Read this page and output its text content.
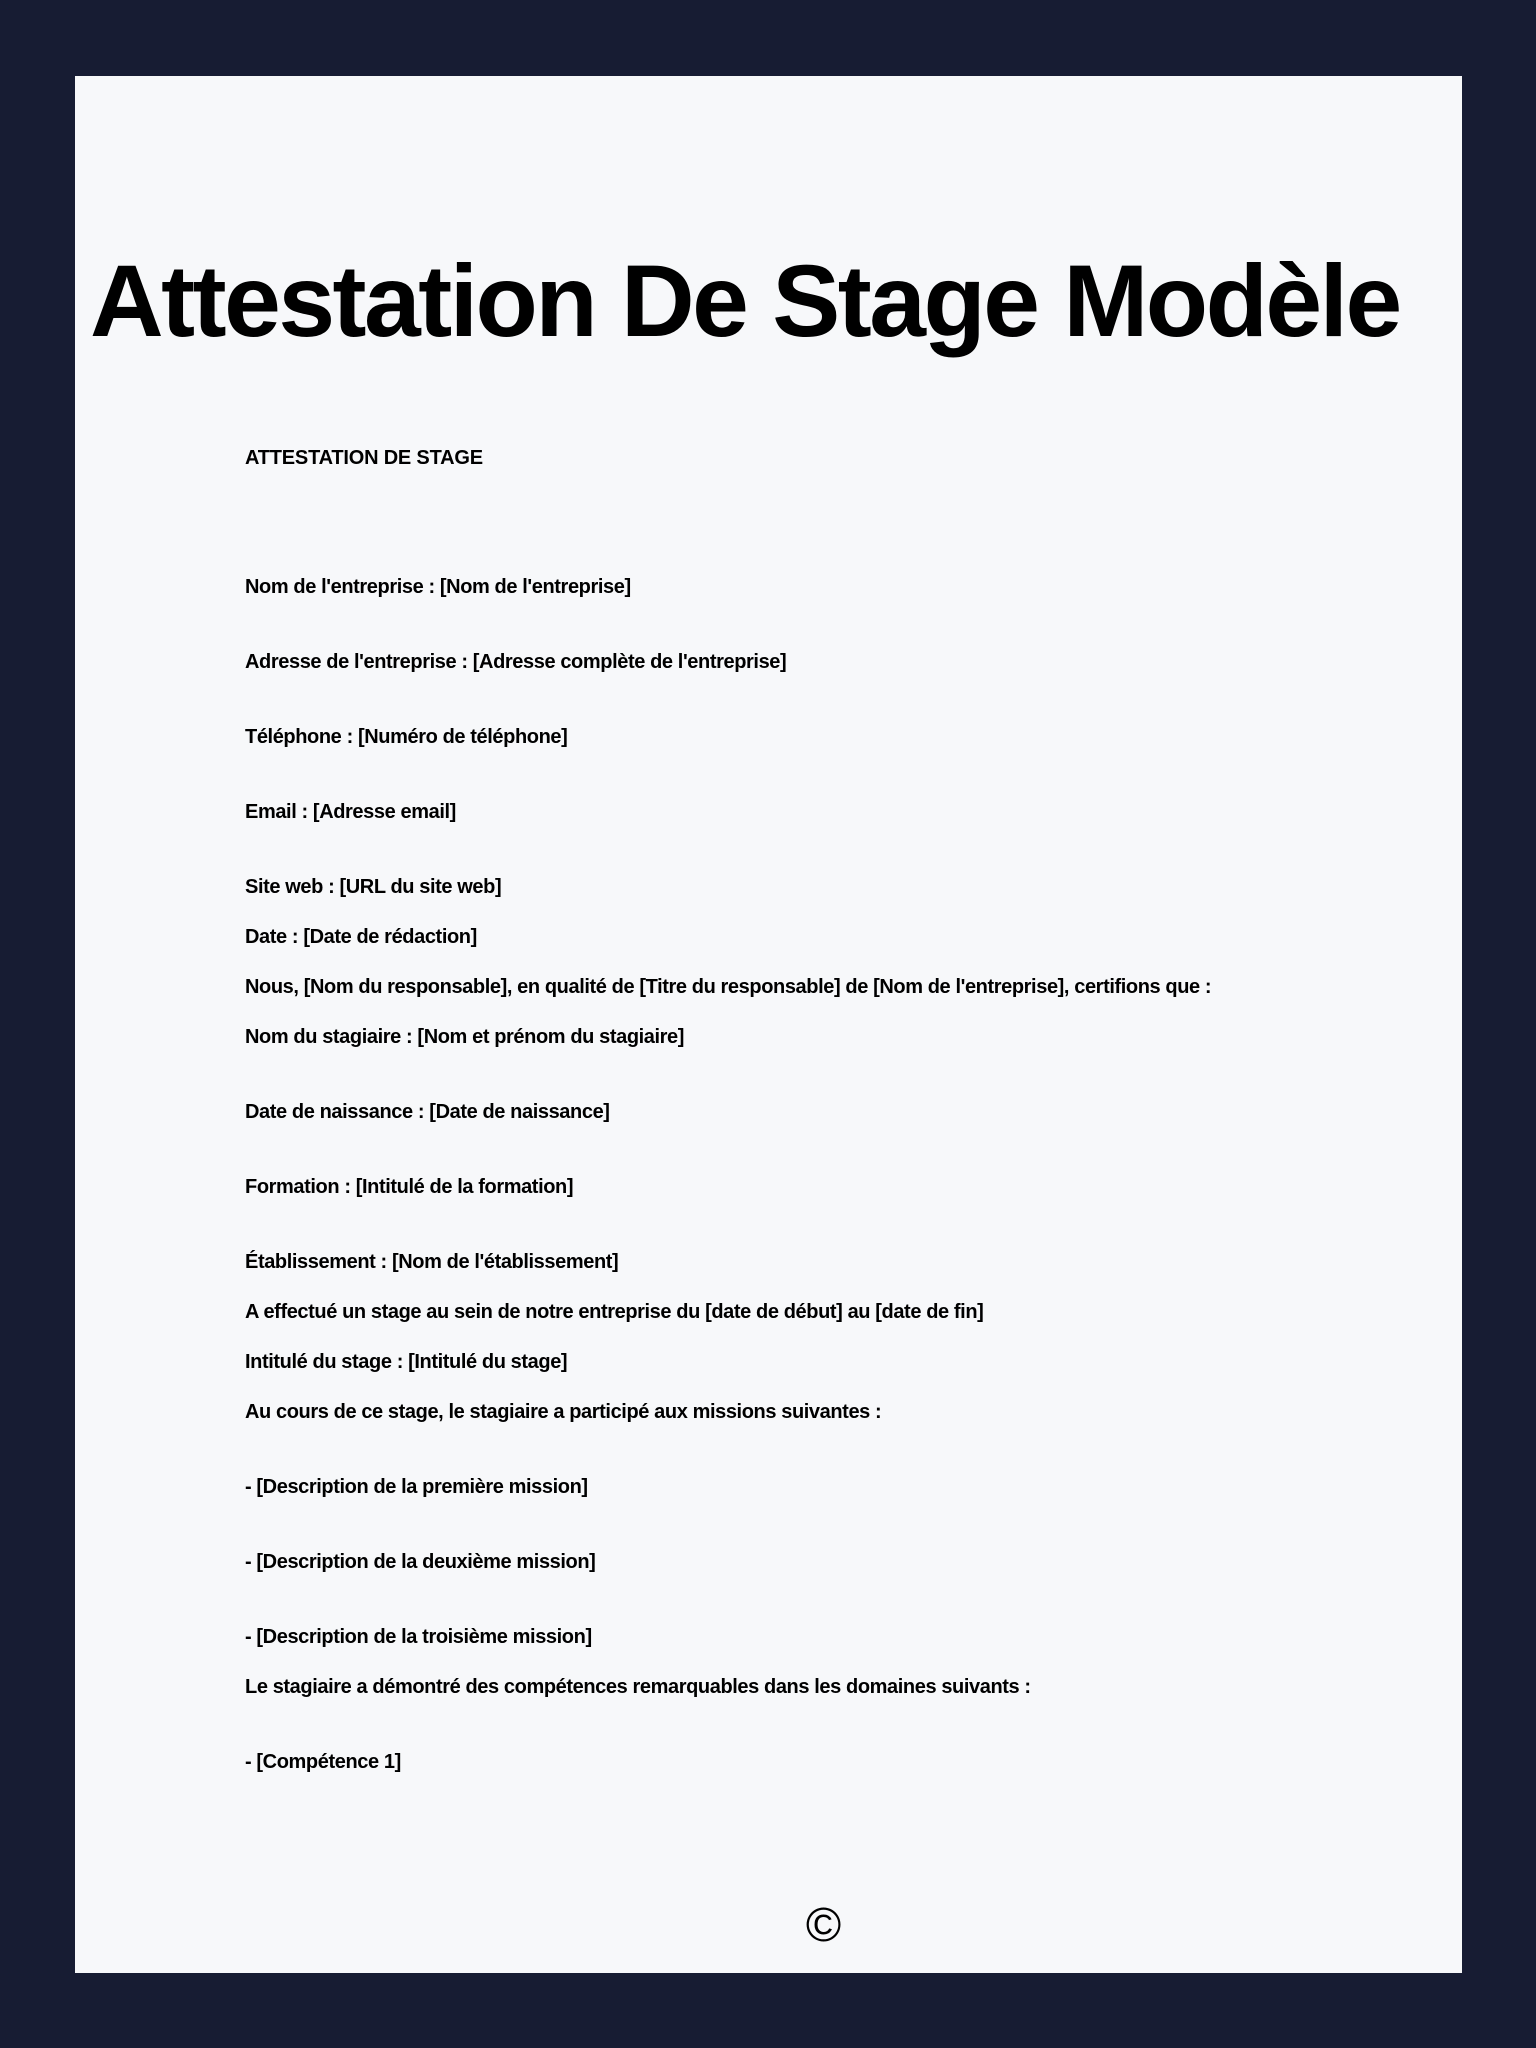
Attestation De Stage Modèle

ATTESTATION DE STAGE

Nom de l'entreprise : [Nom de l'entreprise]

Adresse de l'entreprise : [Adresse complète de l'entreprise]

Téléphone : [Numéro de téléphone]

Email : [Adresse email]

Site web : [URL du site web]

Date : [Date de rédaction]

Nous, [Nom du responsable], en qualité de [Titre du responsable] de [Nom de l'entreprise], certifions que :

Nom du stagiaire : [Nom et prénom du stagiaire]

Date de naissance : [Date de naissance]

Formation : [Intitulé de la formation]

Établissement : [Nom de l'établissement]

A effectué un stage au sein de notre entreprise du [date de début] au [date de fin]

Intitulé du stage : [Intitulé du stage]

Au cours de ce stage, le stagiaire a participé aux missions suivantes :

- [Description de la première mission]

- [Description de la deuxième mission]

- [Description de la troisième mission]

Le stagiaire a démontré des compétences remarquables dans les domaines suivants :

- [Compétence 1]

©
